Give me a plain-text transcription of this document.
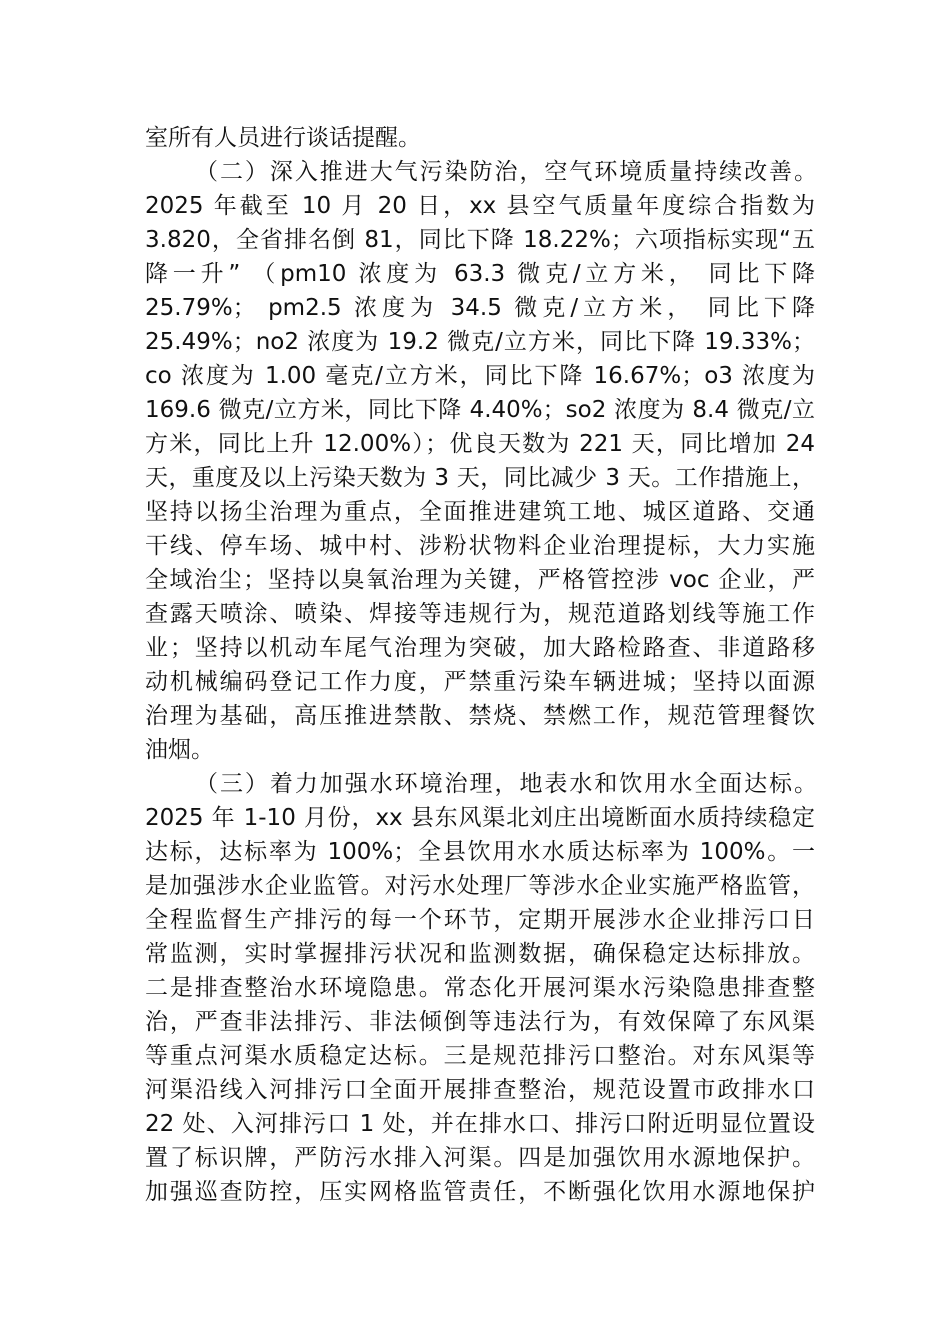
室所有人员进行谈话提醒。
（二）深入推进大气污染防治，空气环境质量持续改善。
2025 年截至 10 月 20 日，xx 县空气质量年度综合指数为
3.820，全省排名倒 81，同比下降 18.22%；六项指标实现“五
降一升” （pm10 浓度为 63.3 微克/立方米， 同比下降
25.79%； pm2.5 浓度为 34.5 微克/立方米， 同比下降
25.49%；no2 浓度为 19.2 微克/立方米，同比下降 19.33%；
co 浓度为 1.00 毫克/立方米，同比下降 16.67%；o3 浓度为
169.6 微克/立方米，同比下降 4.40%；so2 浓度为 8.4 微克/立
方米，同比上升 12.00%）；优良天数为 221 天，同比增加 24
天，重度及以上污染天数为 3 天，同比减少 3 天。工作措施上，
坚持以扬尘治理为重点，全面推进建筑工地、城区道路、交通
干线、停车场、城中村、涉粉状物料企业治理提标，大力实施
全域治尘；坚持以臭氧治理为关键，严格管控涉 voc 企业，严
查露天喷涂、喷染、焊接等违规行为，规范道路划线等施工作
业；坚持以机动车尾气治理为突破，加大路检路查、非道路移
动机械编码登记工作力度，严禁重污染车辆进城；坚持以面源
治理为基础，高压推进禁散、禁烧、禁燃工作，规范管理餐饮
油烟。
（三）着力加强水环境治理，地表水和饮用水全面达标。
2025 年 1-10 月份，xx 县东风渠北刘庄出境断面水质持续稳定
达标，达标率为 100%；全县饮用水水质达标率为 100%。一
是加强涉水企业监管。对污水处理厂等涉水企业实施严格监管，
全程监督生产排污的每一个环节，定期开展涉水企业排污口日
常监测，实时掌握排污状况和监测数据，确保稳定达标排放。
二是排查整治水环境隐患。常态化开展河渠水污染隐患排查整
治，严查非法排污、非法倾倒等违法行为，有效保障了东风渠
等重点河渠水质稳定达标。三是规范排污口整治。对东风渠等
河渠沿线入河排污口全面开展排查整治，规范设置市政排水口
22 处、入河排污口 1 处，并在排水口、排污口附近明显位置设
置了标识牌，严防污水排入河渠。四是加强饮用水源地保护。
加强巡查防控，压实网格监管责任，不断强化饮用水源地保护
